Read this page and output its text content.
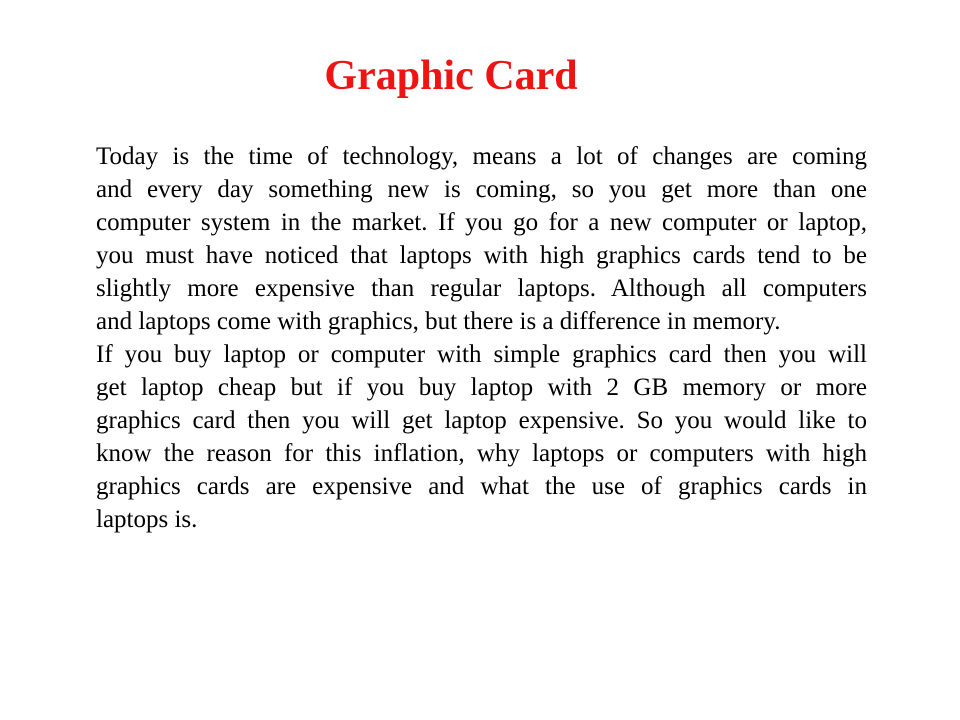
Graphic Card
Today is the time of technology, means a lot of changes are coming
and every day something new is coming, so you get more than one
computer system in the market. If you go for a new computer or laptop,
you must have noticed that laptops with high graphics cards tend to be
slightly more expensive than regular laptops. Although all computers
and laptops come with graphics, but there is a difference in memory.
If you buy laptop or computer with simple graphics card then you will
get laptop cheap but if you buy laptop with 2 GB memory or more
graphics card then you will get laptop expensive. So you would like to
know the reason for this inflation, why laptops or computers with high
graphics cards are expensive and what the use of graphics cards in
laptops is.
